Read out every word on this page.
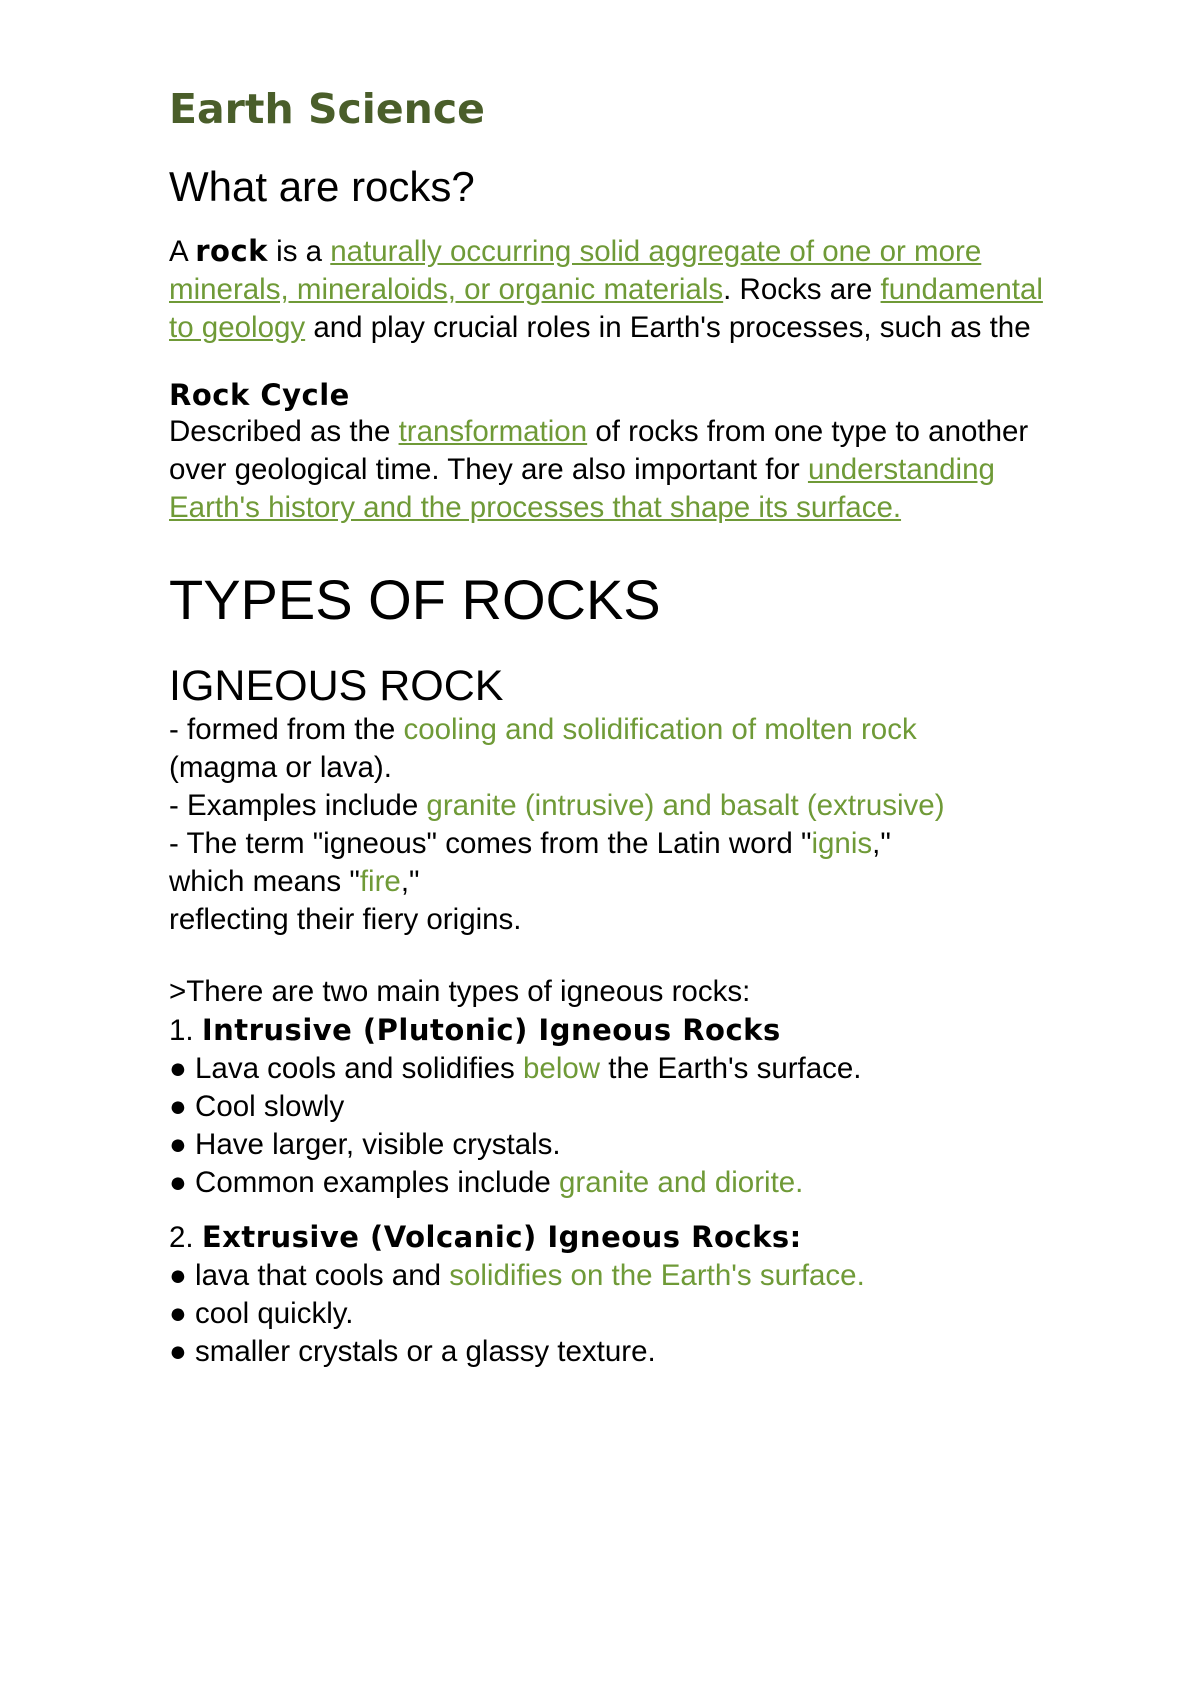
Earth Science
What are rocks?

A rock is a naturally occurring solid aggregate of one or more minerals, mineraloids, or organic materials. Rocks are fundamental to geology and play crucial roles in Earth's processes, such as the

Rock Cycle

Described as the transformation of rocks from one type to another over geological time. They are also important for understanding Earth's history and the processes that shape its surface.

TYPES OF ROCKS
IGNEOUS ROCK
- formed from the cooling and solidification of molten rock
(magma or lava).
- Examples include granite (intrusive) and basalt (extrusive)
- The term "igneous" comes from the Latin word "ignis,"
which means "fire,"
reflecting their fiery origins.
>There are two main types of igneous rocks:
1. Intrusive (Plutonic) Igneous Rocks
● Lava cools and solidifies below the Earth's surface.
● Cool slowly
● Have larger, visible crystals.
● Common examples include granite and diorite.
2. Extrusive (Volcanic) Igneous Rocks:
● lava that cools and solidifies on the Earth's surface.
● cool quickly.
● smaller crystals or a glassy texture.
